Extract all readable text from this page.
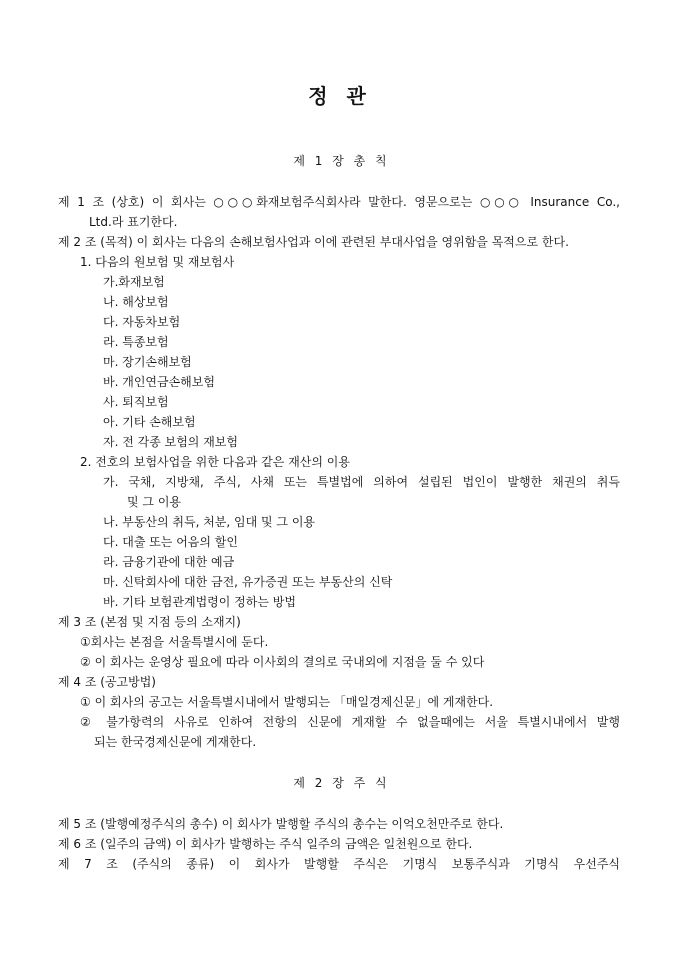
정 관
제 1 장 총 칙
제 1 조 (상호) 이 회사는 ○○○화재보험주식회사라 말한다. 영문으로는 ○○○ Insurance Co.,
Ltd.라 표기한다.
제 2 조 (목적) 이 회사는 다음의 손해보험사업과 이에 관련된 부대사업을 영위함을 목적으로 한다.
1. 다음의 원보험 및 재보험사
가.화재보험
나. 해상보험
다. 자동차보험
라. 특종보험
마. 장기손해보험
바. 개인연금손해보험
사. 퇴직보험
아. 기타 손해보험
자. 전 각종 보험의 재보험
2. 전호의 보험사업을 위한 다음과 같은 재산의 이용
가. 국채, 지방채, 주식, 사채 또는 특별법에 의하여 설립된 법인이 발행한 채권의 취득
및 그 이용
나. 부동산의 취득, 처분, 임대 및 그 이용
다. 대출 또는 어음의 할인
라. 금융기관에 대한 예금
마. 신탁회사에 대한 금전, 유가증권 또는 부동산의 신탁
바. 기타 보험관계법령이 정하는 방법
제 3 조 (본점 및 지점 등의 소재지)
①회사는 본점을 서울특별시에 둔다.
② 이 회사는 운영상 필요에 따라 이사회의 결의로 국내외에 지점을 둘 수 있다
제 4 조 (공고방법)
① 이 회사의 공고는 서울특별시내에서 발행되는 「매일경제신문」에 게재한다.
② 불가항력의 사유로 인하여 전항의 신문에 게재할 수 없을때에는 서울 특별시내에서 발행
되는 한국경제신문에 게재한다.
제 2 장 주 식
제 5 조 (발행예정주식의 총수) 이 회사가 발행할 주식의 총수는 이억오천만주로 한다.
제 6 조 (일주의 금액) 이 회사가 발행하는 주식 일주의 금액은 일천원으로 한다.
제 7 조 (주식의 종류) 이 회사가 발행할 주식은 기명식 보통주식과 기명식 우선주식
